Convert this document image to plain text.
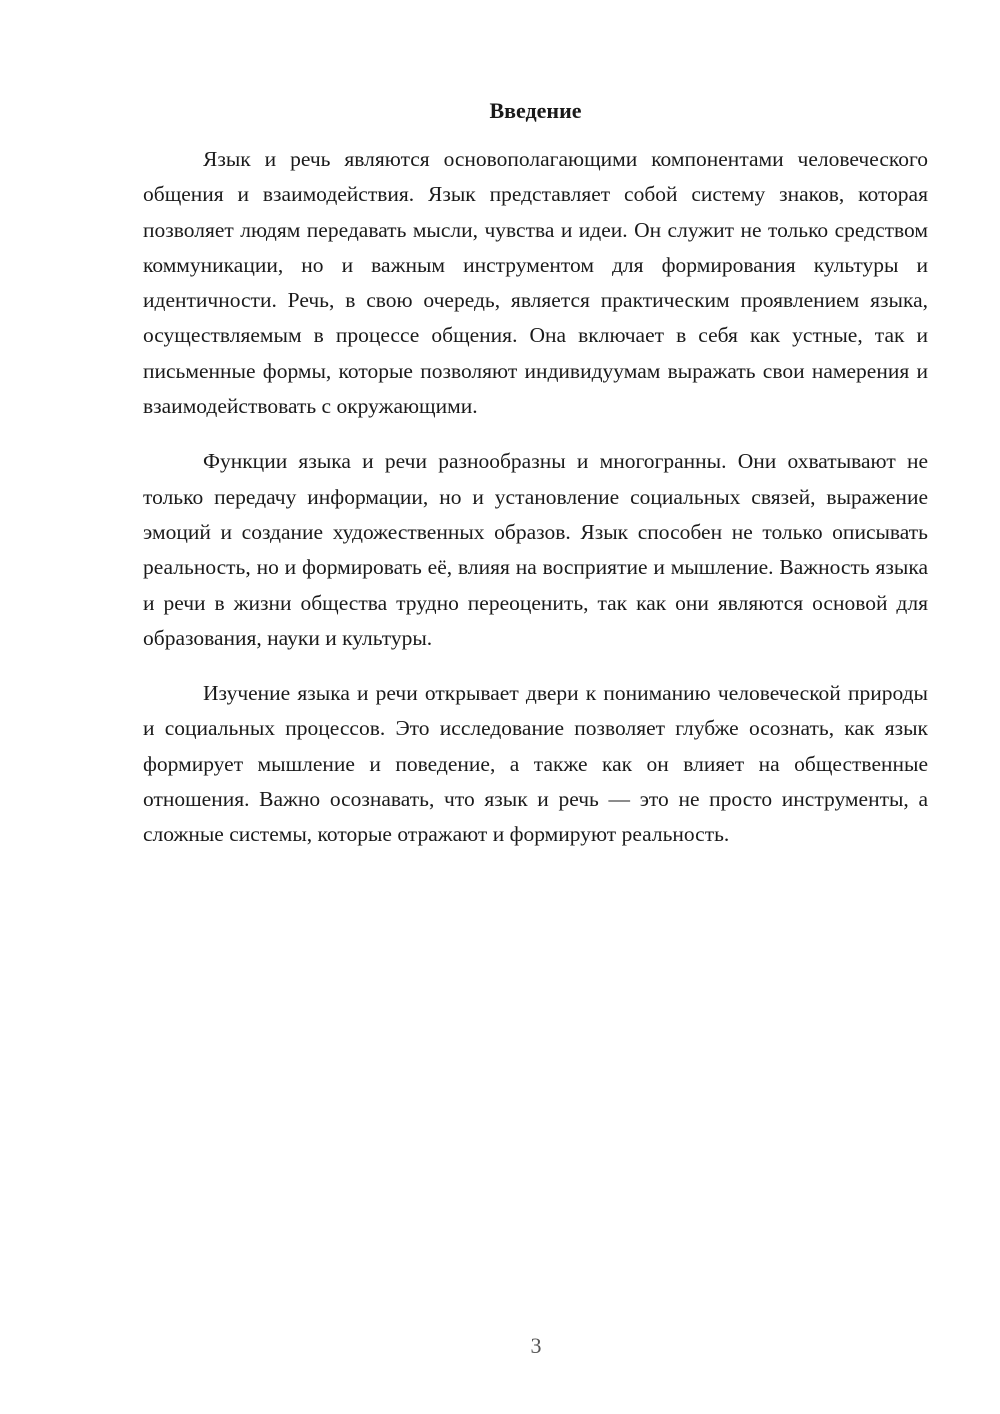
Введение

Язык и речь являются основополагающими компонентами человеческого общения и взаимодействия. Язык представляет собой систему знаков, которая позволяет людям передавать мысли, чувства и идеи. Он служит не только средством коммуникации, но и важным инструментом для формирования культуры и идентичности. Речь, в свою очередь, является практическим проявлением языка, осуществляемым в процессе общения. Она включает в себя как устные, так и письменные формы, которые позволяют индивидуумам выражать свои намерения и взаимодействовать с окружающими.

Функции языка и речи разнообразны и многогранны. Они охватывают не только передачу информации, но и установление социальных связей, выражение эмоций и создание художественных образов. Язык способен не только описывать реальность, но и формировать её, влияя на восприятие и мышление. Важность языка и речи в жизни общества трудно переоценить, так как они являются основой для образования, науки и культуры.

Изучение языка и речи открывает двери к пониманию человеческой природы и социальных процессов. Это исследование позволяет глубже осознать, как язык формирует мышление и поведение, а также как он влияет на общественные отношения. Важно осознавать, что язык и речь — это не просто инструменты, а сложные системы, которые отражают и формируют реальность.

3
